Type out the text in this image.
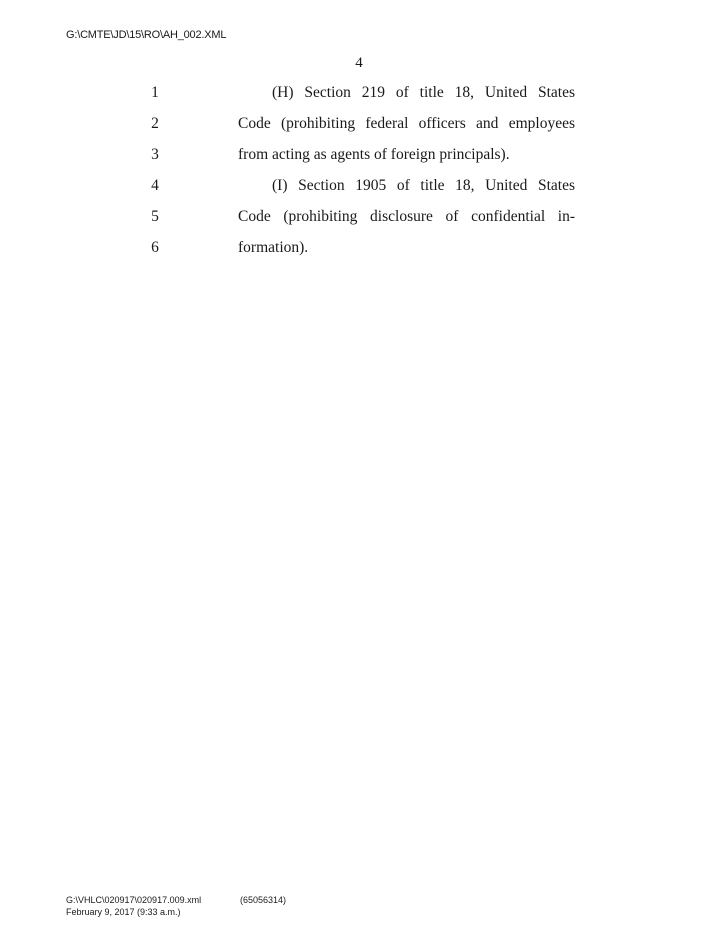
G:\CMTE\JD\15\RO\AH_002.XML
4
1	(H) Section 219 of title 18, United States
2	Code (prohibiting federal officers and employees
3	from acting as agents of foreign principals).
4	(I) Section 1905 of title 18, United States
5	Code (prohibiting disclosure of confidential in-
6	formation).
G:\VHLC\020917\020917.009.xml	(65056314)
February 9, 2017 (9:33 a.m.)
